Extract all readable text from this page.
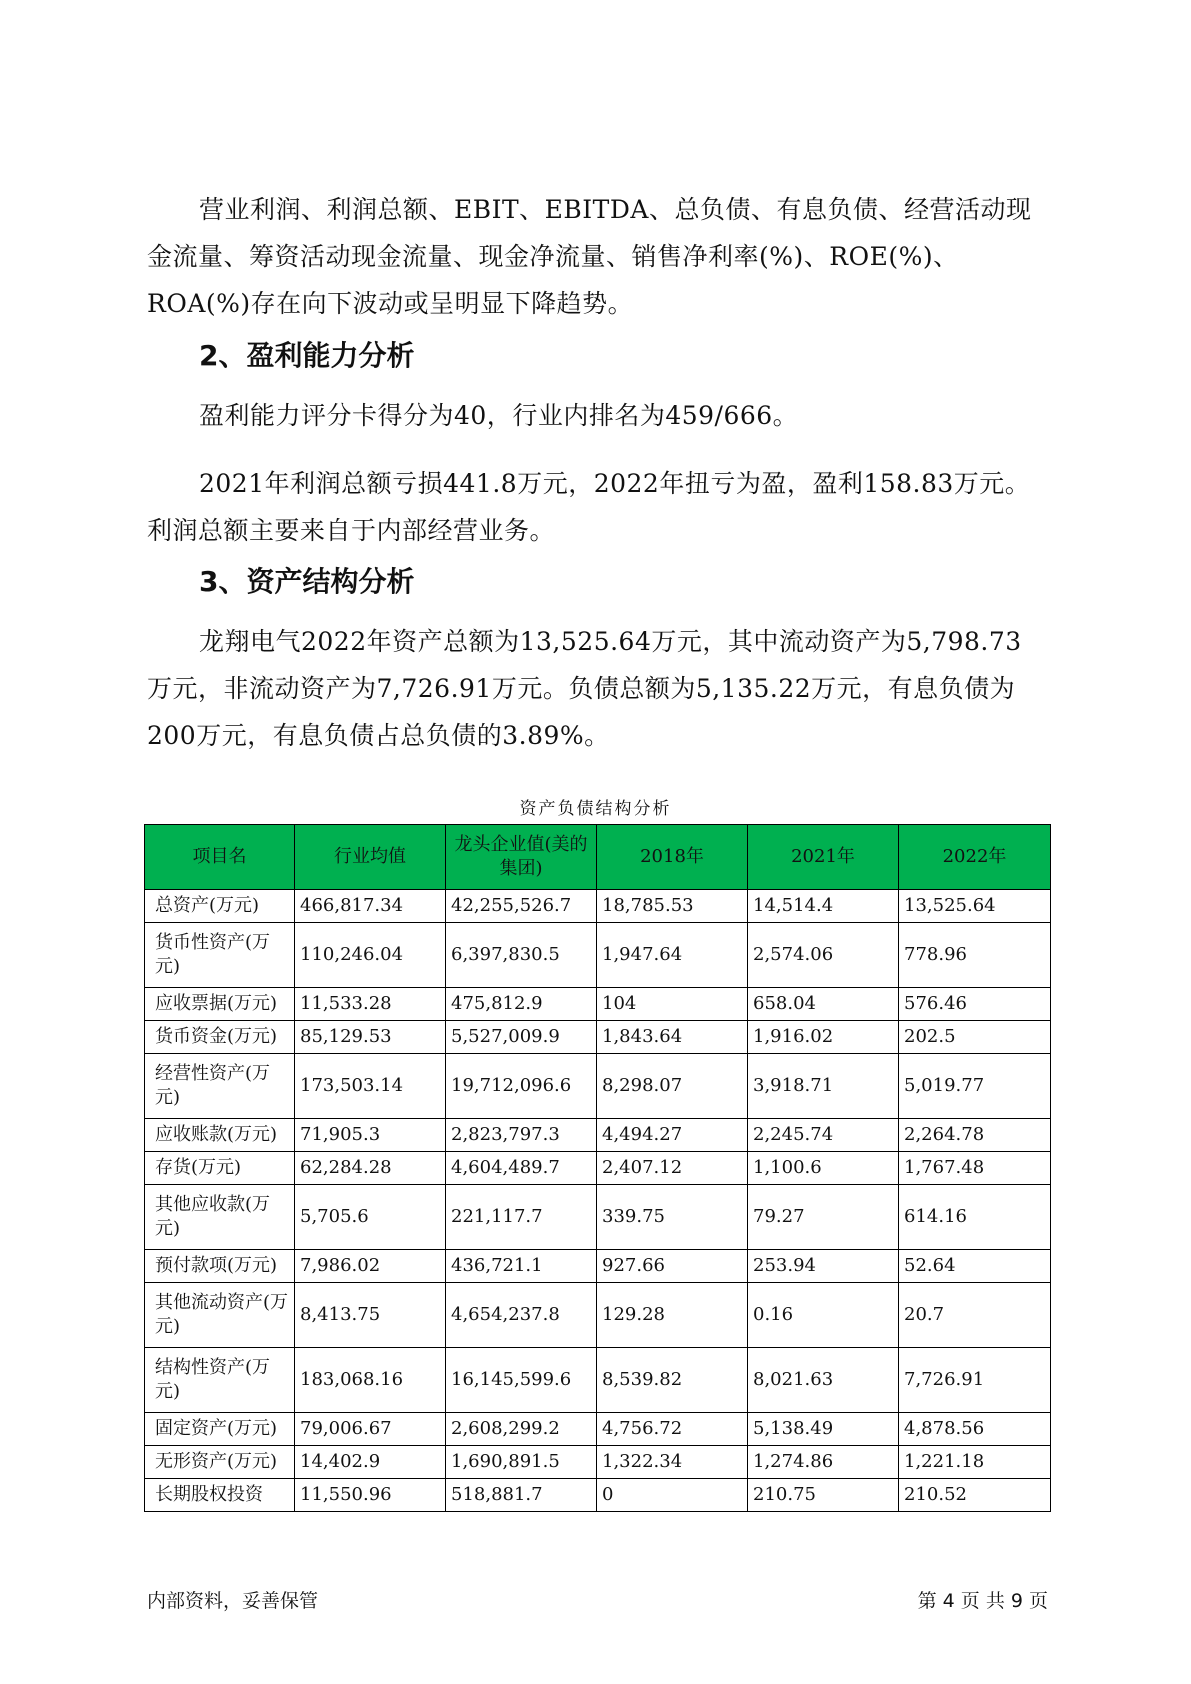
营业利润、利润总额、EBIT、EBITDA、总负债、有息负债、经营活动现金流量、筹资活动现金流量、现金净流量、销售净利率(%)、ROE(%)、ROA(%)存在向下波动或呈明显下降趋势。

2、盈利能力分析

盈利能力评分卡得分为40，行业内排名为459/666。

2021年利润总额亏损441.8万元，2022年扭亏为盈，盈利158.83万元。利润总额主要来自于内部经营业务。

3、资产结构分析

龙翔电气2022年资产总额为13,525.64万元，其中流动资产为5,798.73万元，非流动资产为7,726.91万元。负债总额为5,135.22万元，有息负债为200万元，有息负债占总负债的3.89%。

资产负债结构分析

项目名	行业均值	龙头企业值(美的集团)	2018年	2021年	2022年
总资产(万元)	466,817.34	42,255,526.7	18,785.53	14,514.4	13,525.64
货币性资产(万元)	110,246.04	6,397,830.5	1,947.64	2,574.06	778.96
应收票据(万元)	11,533.28	475,812.9	104	658.04	576.46
货币资金(万元)	85,129.53	5,527,009.9	1,843.64	1,916.02	202.5
经营性资产(万元)	173,503.14	19,712,096.6	8,298.07	3,918.71	5,019.77
应收账款(万元)	71,905.3	2,823,797.3	4,494.27	2,245.74	2,264.78
存货(万元)	62,284.28	4,604,489.7	2,407.12	1,100.6	1,767.48
其他应收款(万元)	5,705.6	221,117.7	339.75	79.27	614.16
预付款项(万元)	7,986.02	436,721.1	927.66	253.94	52.64
其他流动资产(万元)	8,413.75	4,654,237.8	129.28	0.16	20.7
结构性资产(万元)	183,068.16	16,145,599.6	8,539.82	8,021.63	7,726.91
固定资产(万元)	79,006.67	2,608,299.2	4,756.72	5,138.49	4,878.56
无形资产(万元)	14,402.9	1,690,891.5	1,322.34	1,274.86	1,221.18
长期股权投资	11,550.96	518,881.7	0	210.75	210.52

内部资料，妥善保管	第 4 页 共 9 页
